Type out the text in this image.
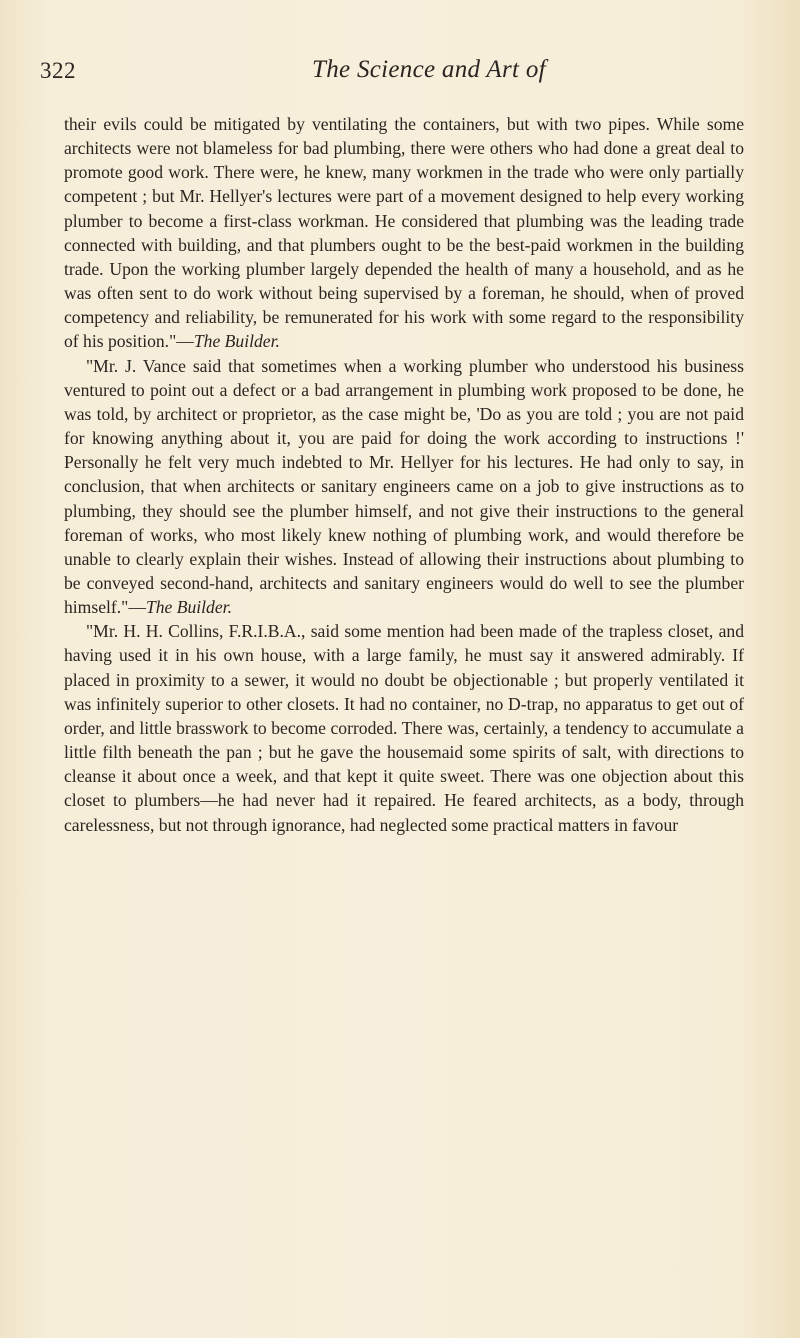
322	The Science and Art of

their evils could be mitigated by ventilating the containers, but with two pipes. While some architects were not blameless for bad plumbing, there were others who had done a great deal to promote good work. There were, he knew, many workmen in the trade who were only partially competent ; but Mr. Hellyer's lectures were part of a movement designed to help every working plumber to become a first-class workman. He considered that plumbing was the leading trade connected with building, and that plumbers ought to be the best-paid workmen in the building trade. Upon the working plumber largely depended the health of many a household, and as he was often sent to do work without being supervised by a foreman, he should, when of proved competency and reliability, be remunerated for his work with some regard to the responsibility of his position."—The Builder.

"Mr. J. Vance said that sometimes when a working plumber who understood his business ventured to point out a defect or a bad arrangement in plumbing work proposed to be done, he was told, by architect or proprietor, as the case might be, 'Do as you are told ; you are not paid for knowing anything about it, you are paid for doing the work according to instructions !' Personally he felt very much indebted to Mr. Hellyer for his lectures. He had only to say, in conclusion, that when architects or sanitary engineers came on a job to give instructions as to plumbing, they should see the plumber himself, and not give their instructions to the general foreman of works, who most likely knew nothing of plumbing work, and would therefore be unable to clearly explain their wishes. Instead of allowing their instructions about plumbing to be conveyed second-hand, architects and sanitary engineers would do well to see the plumber himself."—The Builder.

"Mr. H. H. Collins, F.R.I.B.A., said some mention had been made of the trapless closet, and having used it in his own house, with a large family, he must say it answered admirably. If placed in proximity to a sewer, it would no doubt be objectionable ; but properly ventilated it was infinitely superior to other closets. It had no container, no D-trap, no apparatus to get out of order, and little brasswork to become corroded. There was, certainly, a tendency to accumulate a little filth beneath the pan ; but he gave the housemaid some spirits of salt, with directions to cleanse it about once a week, and that kept it quite sweet. There was one objection about this closet to plumbers—he had never had it repaired. He feared architects, as a body, through carelessness, but not through ignorance, had neglected some practical matters in favour
